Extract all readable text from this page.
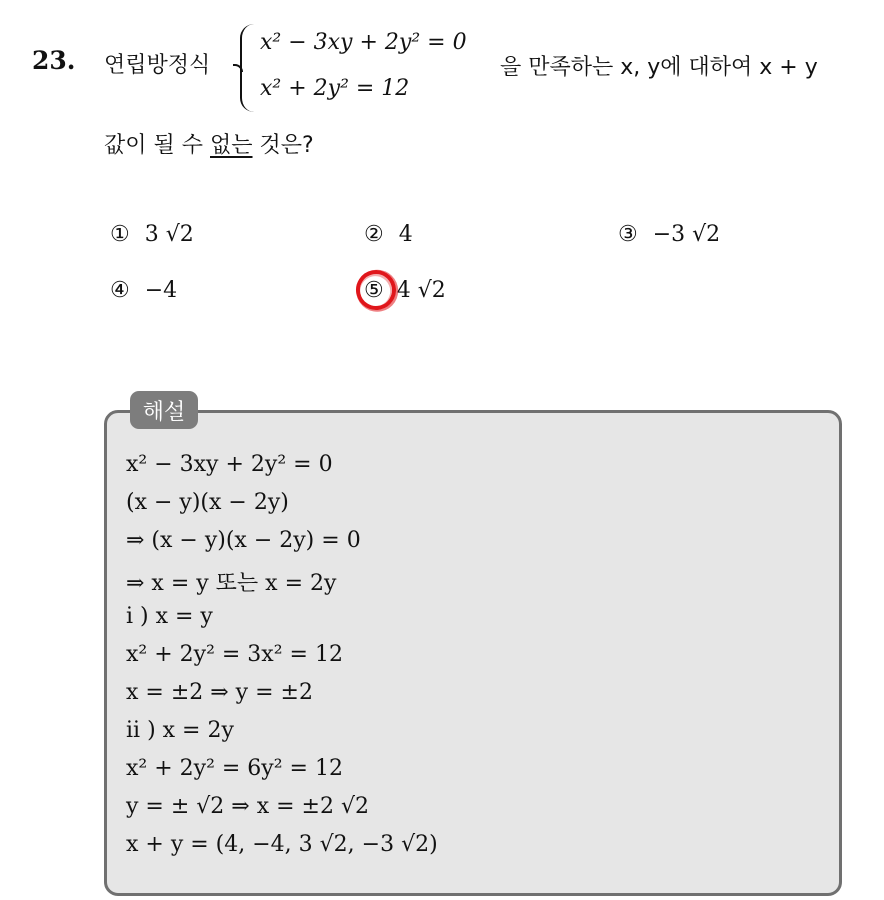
23. 연립방정식
x² − 3xy + 2y² = 0
x² + 2y² = 12
을 만족하는 x, y에 대하여 x + y
값이 될 수 없는 것은?
① 3 √2	② 4	③ −3 √2
④ −4	⑤ 4 √2
해설
x² − 3xy + 2y² = 0
(x − y)(x − 2y)
⇒ (x − y)(x − 2y) = 0
⇒ x = y 또는 x = 2y
i ) x = y
x² + 2y² = 3x² = 12
x = ±2 ⇒ y = ±2
ii ) x = 2y
x² + 2y² = 6y² = 12
y = ± √2 ⇒ x = ±2 √2
x + y = (4, −4, 3 √2, −3 √2)
